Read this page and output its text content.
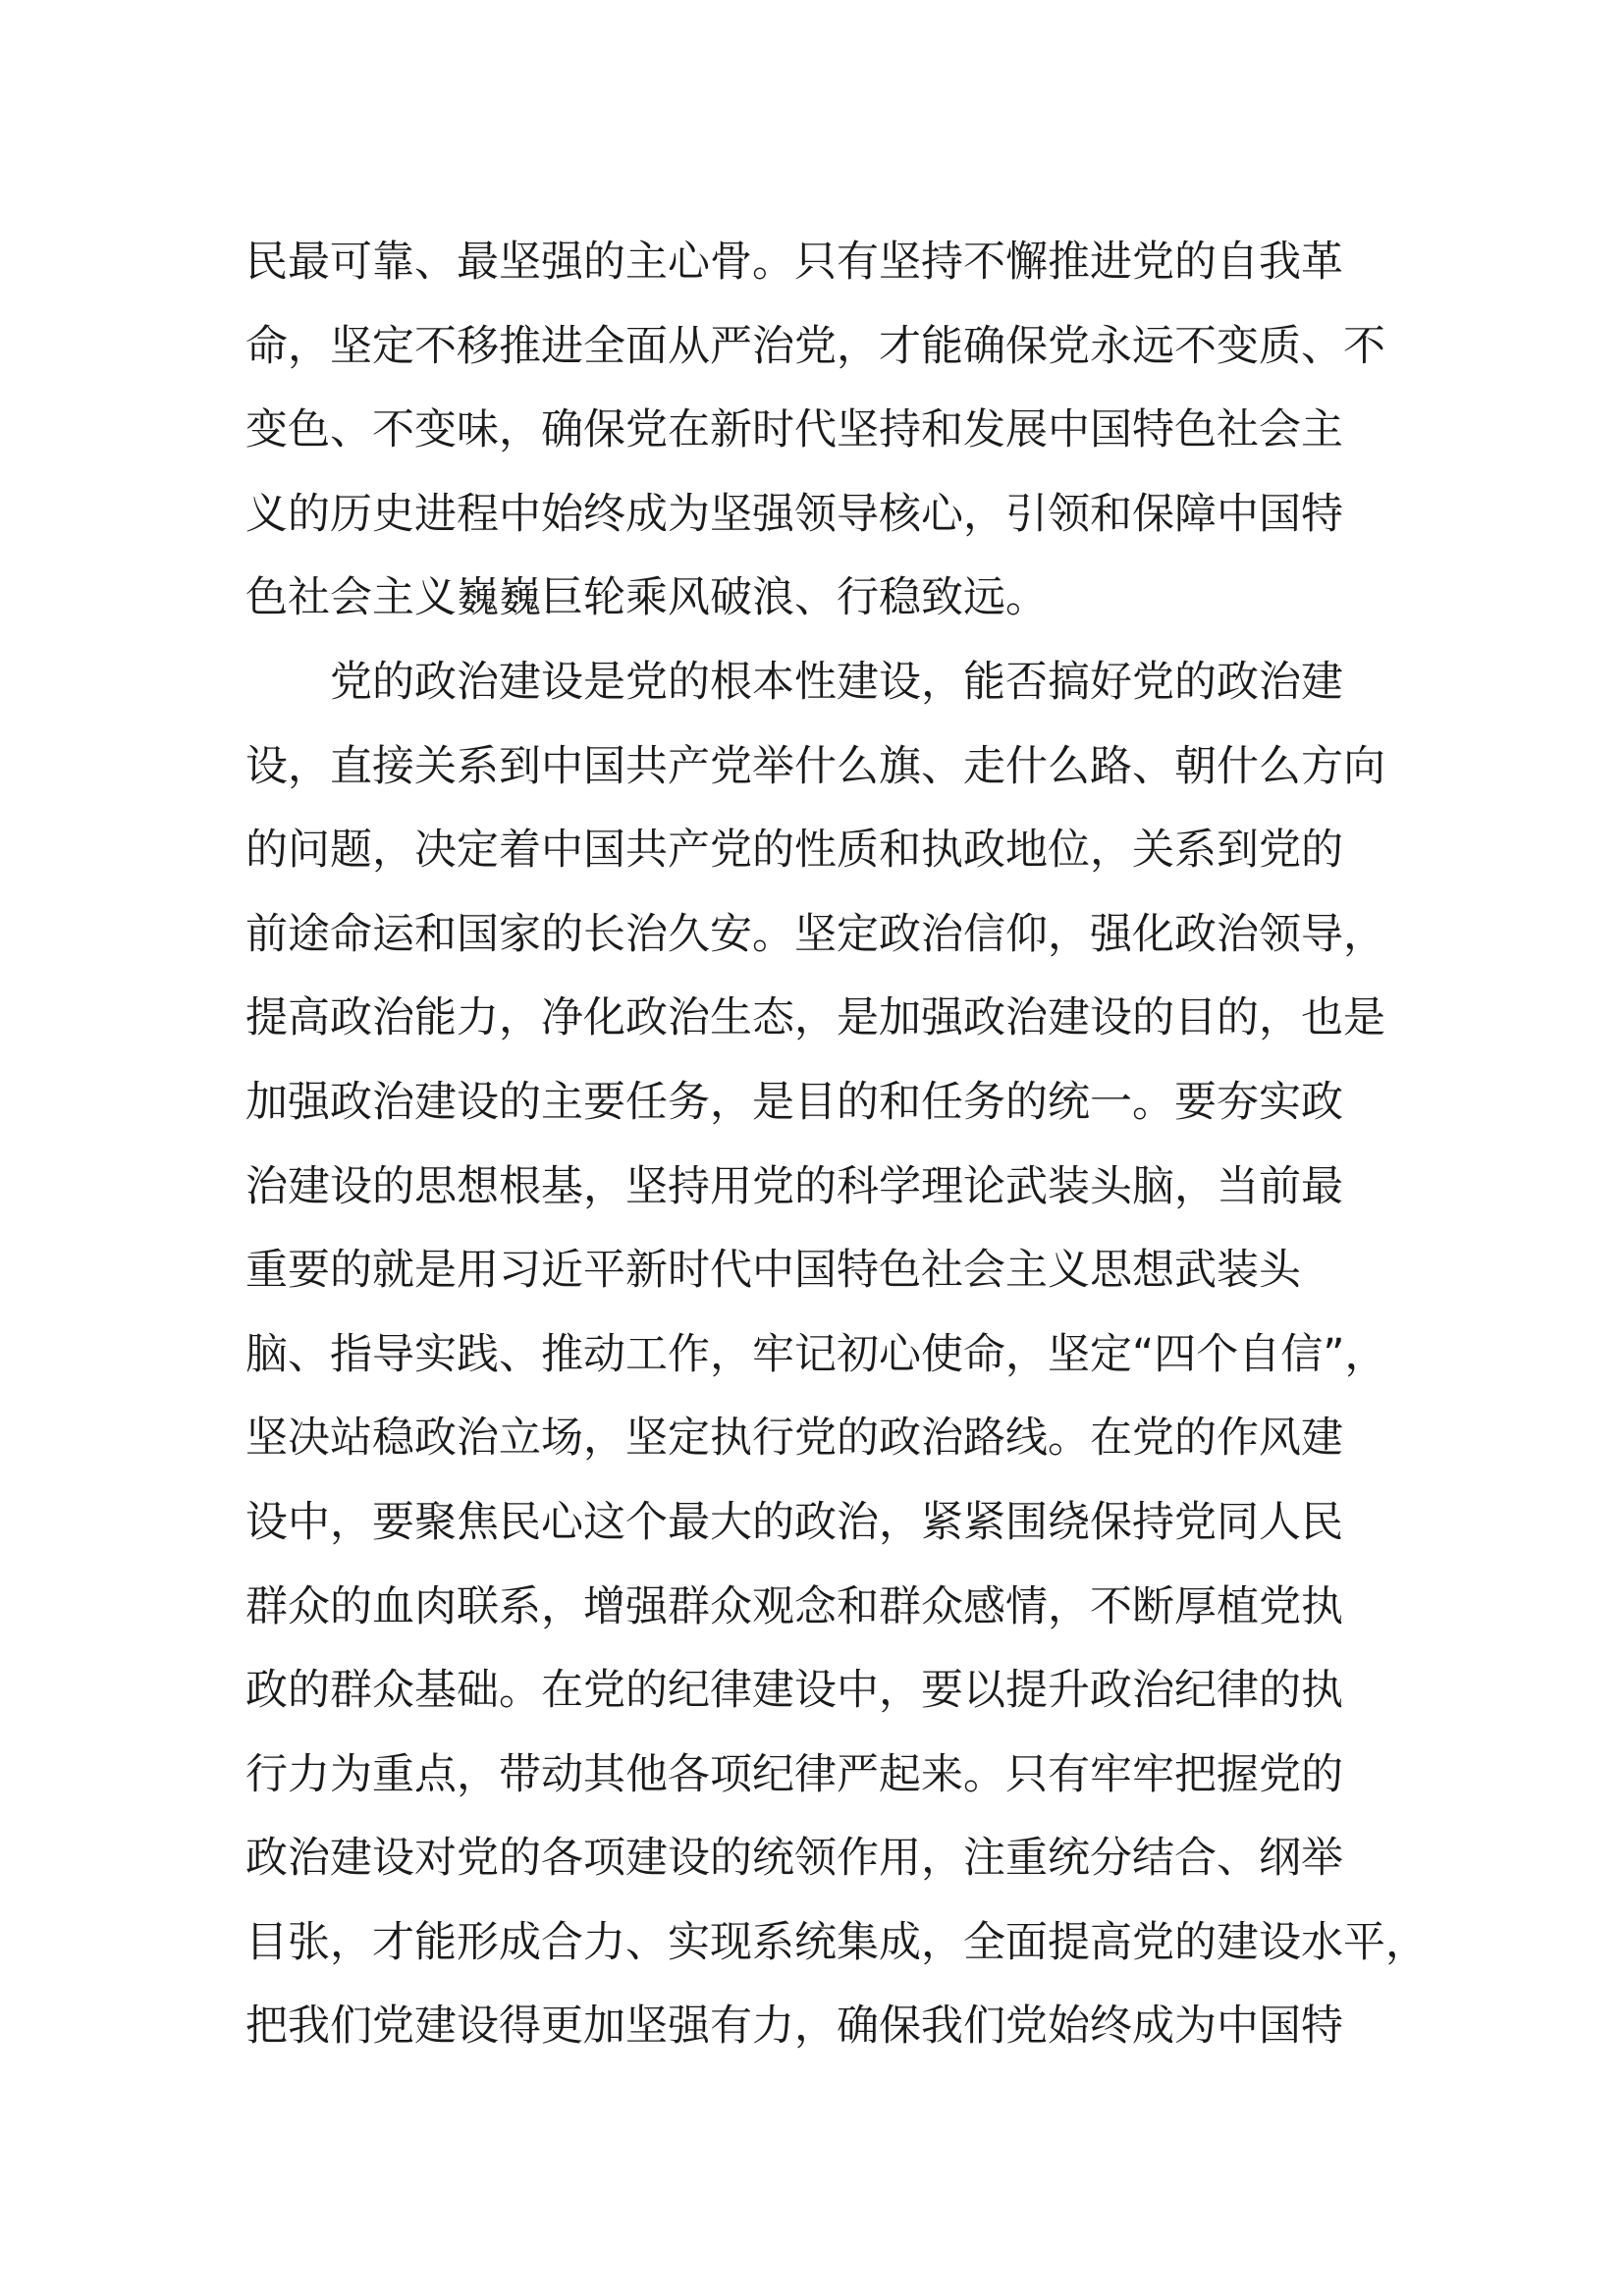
民最可靠、最坚强的主心骨。只有坚持不懈推进党的自我革
命，坚定不移推进全面从严治党，才能确保党永远不变质、不
变色、不变味，确保党在新时代坚持和发展中国特色社会主
义的历史进程中始终成为坚强领导核心，引领和保障中国特
色社会主义巍巍巨轮乘风破浪、行稳致远。
党的政治建设是党的根本性建设，能否搞好党的政治建
设，直接关系到中国共产党举什么旗、走什么路、朝什么方向
的问题，决定着中国共产党的性质和执政地位，关系到党的
前途命运和国家的长治久安。坚定政治信仰，强化政治领导，
提高政治能力，净化政治生态，是加强政治建设的目的，也是
加强政治建设的主要任务，是目的和任务的统一。要夯实政
治建设的思想根基，坚持用党的科学理论武装头脑，当前最
重要的就是用习近平新时代中国特色社会主义思想武装头
脑、指导实践、推动工作，牢记初心使命，坚定“四个自信”，
坚决站稳政治立场，坚定执行党的政治路线。在党的作风建
设中，要聚焦民心这个最大的政治，紧紧围绕保持党同人民
群众的血肉联系，增强群众观念和群众感情，不断厚植党执
政的群众基础。在党的纪律建设中，要以提升政治纪律的执
行力为重点，带动其他各项纪律严起来。只有牢牢把握党的
政治建设对党的各项建设的统领作用，注重统分结合、纲举
目张，才能形成合力、实现系统集成，全面提高党的建设水平，
把我们党建设得更加坚强有力，确保我们党始终成为中国特
